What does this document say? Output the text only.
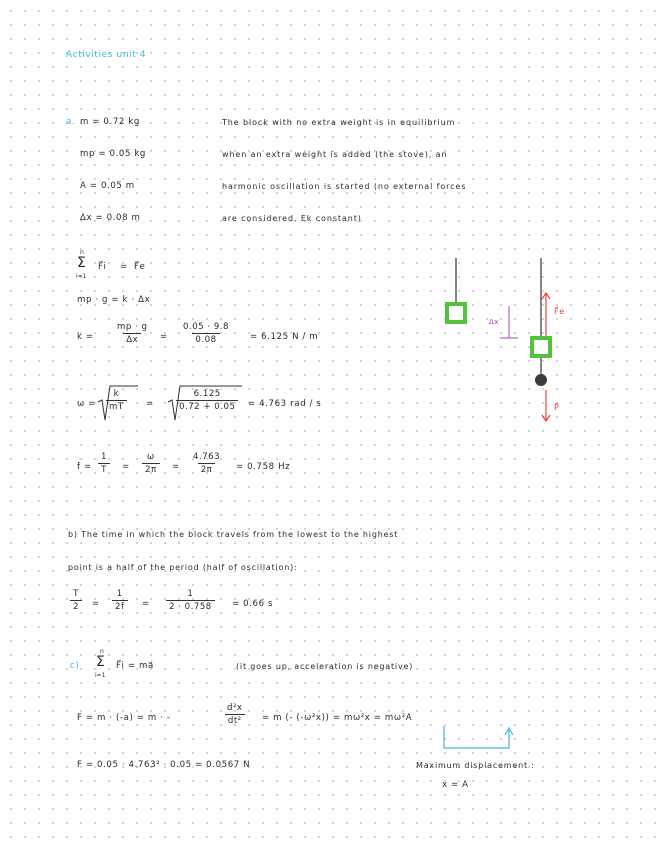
Activities unit 4
a. m = 0.72 kg
mp = 0.05 kg
A = 0.05 m
Δx = 0.08 m
The block with no extra weight is in equilibrium
when an extra weight is added (the stove), an
harmonic oscillation is started (no external forces
are considered, Ek constant)
n
Σ
i=1
F⃗i = F⃗e
mp · g = k · Δx
$k = \frac{mp \cdot g}{\Delta x} = \frac{0.05 \cdot 9.8}{0.08} = 6.125$ N / m
$\omega = \frac{k}{mT}$ =	$\frac{6.125}{0.72 + 0.05} = 4.763$ rad / s
$f = \frac{1}{T} = \frac{\omega}{2\pi} = \frac{4.763}{2\pi} = 0.758$ Hz
b) The time in which the block travels from the lowest to the highest
point is a half of the period (half of oscillation):
$\frac{T}{2} = \frac{1}{2f} = \frac{1}{2 \cdot 0.758} = 0.66$ s
c)
n
Σ
i=1
F⃗i = ma⃗	(it goes up, acceleration is negative)
F = m · (-a) = m · -	$\frac{\text{d²x}}{\text{dt²}} = m$ (- (-ω²x)) = mω²x = mω²A
F = 0.05 · 4.763² · 0.05 = 0.0567 N	Maximum displacement :
x = A
Δx
F⃗e
P⃗
